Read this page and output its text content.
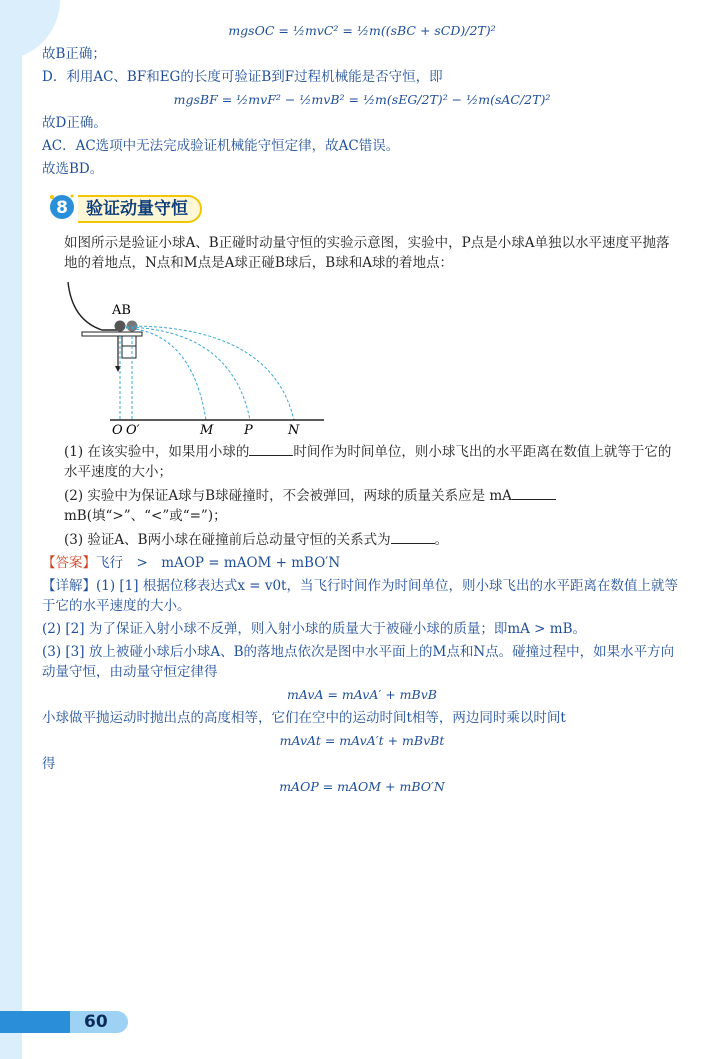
mgsOC = ½mvC² = ½m((sBC + sCD)/2T)²
故B正确；
D．利用AC、BF和EG的长度可验证B到F过程机械能是否守恒，即
mgsBF = ½mvF² − ½mvB² = ½m(sEG/2T)² − ½m(sAC/2T)²
故D正确。
AC．AC选项中无法完成验证机械能守恒定律，故AC错误。
故选BD。
8	验证动量守恒
如图所示是验证小球A、B正碰时动量守恒的实验示意图，实验中，P点是小球A单独以水平速度平抛落地的着地点，N点和M点是A球正碰B球后，B球和A球的着地点：
AB
O O′	M P	N
(1) 在该实验中，如果用小球的	时间作为时间单位，则小球飞出的水平距离在数值上就等于它的水平速度的大小；
(2) 实验中为保证A球与B球碰撞时，不会被弹回，两球的质量关系应是 mAmB(填“>”、“<”或“=”)；
(3) 验证A、B两小球在碰撞前后总动量守恒的关系式为	。
【答案】飞行　>　mAOP = mAOM + mBO′N
【详解】(1) [1] 根据位移表达式x = v0t，当飞行时间作为时间单位，则小球飞出的水平距离在数值上就等于它的水平速度的大小。
(2) [2] 为了保证入射小球不反弹，则入射小球的质量大于被碰小球的质量；即mA > mB。
(3) [3] 放上被碰小球后小球A、B的落地点依次是图中水平面上的M点和N点。碰撞过程中，如果水平方向动量守恒，由动量守恒定律得
mAvA = mAvA′ + mBvB
小球做平抛运动时抛出点的高度相等，它们在空中的运动时间t相等，两边同时乘以时间t
mAvAt = mAvA′t + mBvBt
得
mAOP = mAOM + mBO′N
60
